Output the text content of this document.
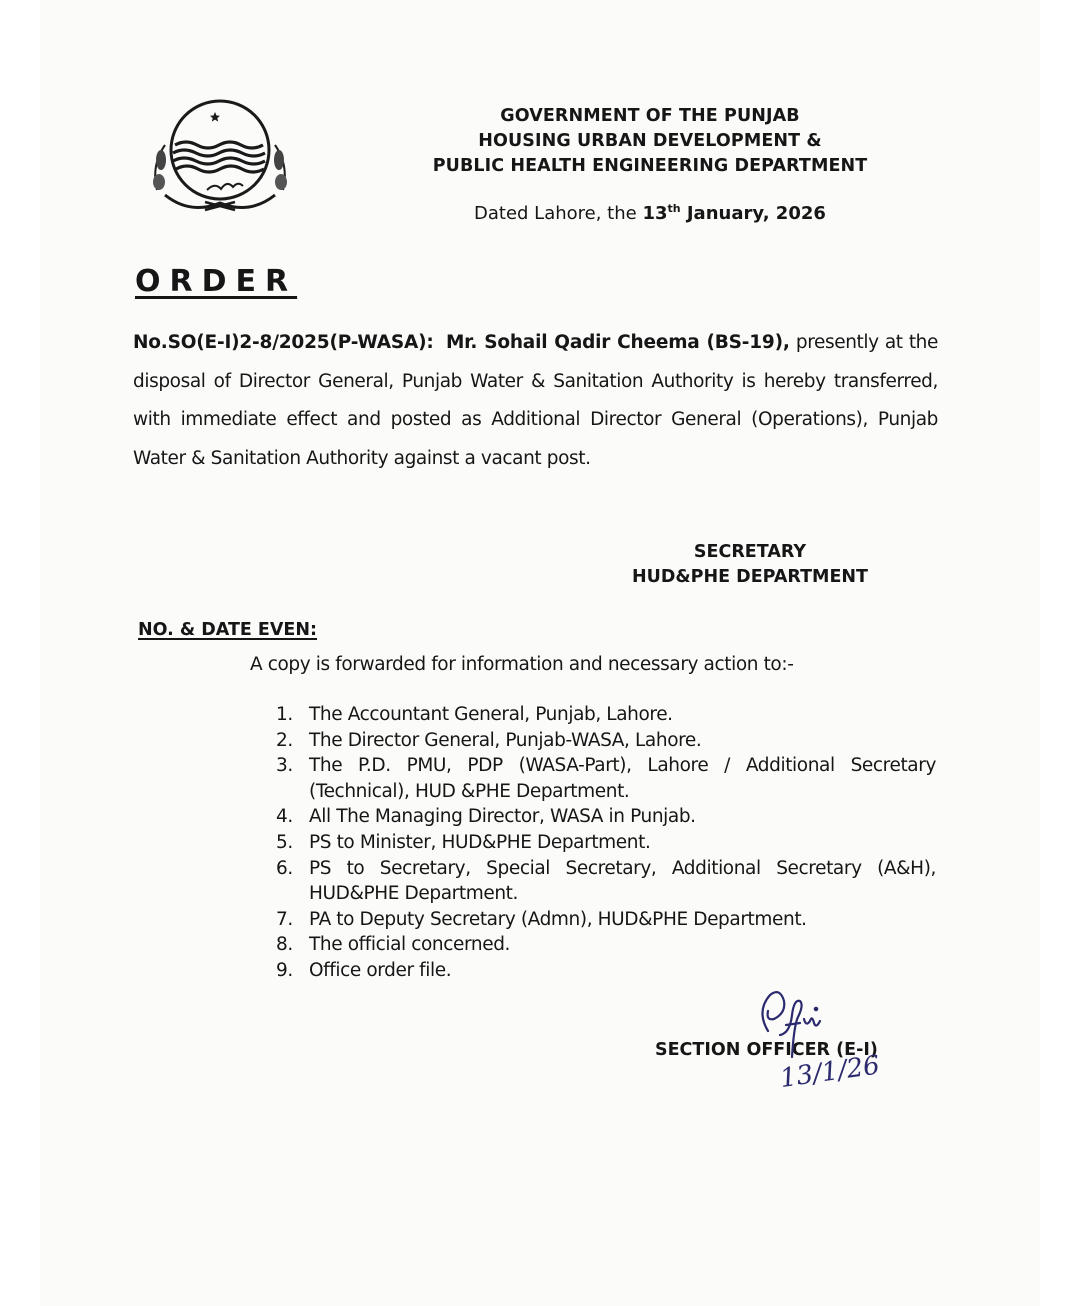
GOVERNMENT OF THE PUNJAB
HOUSING URBAN DEVELOPMENT &
PUBLIC HEALTH ENGINEERING DEPARTMENT
Dated Lahore, the 13th January, 2026
ORDER
No.SO(E-I)2-8/2025(P-WASA): Mr. Sohail Qadir Cheema (BS-19), presently at the disposal of Director General, Punjab Water & Sanitation Authority is hereby transferred, with immediate effect and posted as Additional Director General (Operations), Punjab Water & Sanitation Authority against a vacant post.
SECRETARY
HUD&PHE DEPARTMENT
NO. & DATE EVEN:
A copy is forwarded for information and necessary action to:-
1. The Accountant General, Punjab, Lahore.
2. The Director General, Punjab-WASA, Lahore.
3. The P.D. PMU, PDP (WASA-Part), Lahore / Additional Secretary (Technical), HUD &PHE Department.
4. All The Managing Director, WASA in Punjab.
5. PS to Minister, HUD&PHE Department.
6. PS to Secretary, Special Secretary, Additional Secretary (A&H), HUD&PHE Department.
7. PA to Deputy Secretary (Admn), HUD&PHE Department.
8. The official concerned.
9. Office order file.
SECTION OFFICER (E-I)
13/1/26
